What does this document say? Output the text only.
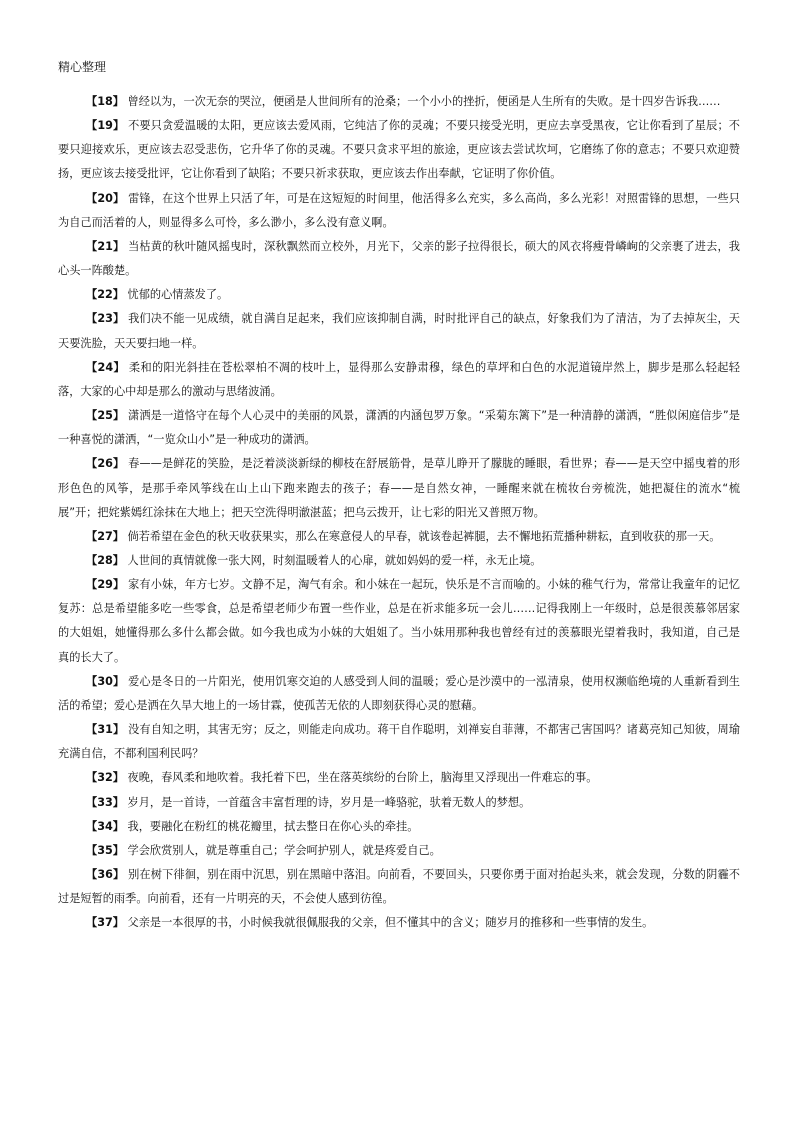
精心整理

【18】 曾经以为，一次无奈的哭泣，便函是人世间所有的沧桑；一个小小的挫折，便函是人生所有的失败。是十四岁告诉我……

【19】 不要只贪爱温暖的太阳，更应该去爱风雨，它纯洁了你的灵魂；不要只接受光明，更应去享受黑夜，它让你看到了星辰；不要只迎接欢乐，更应该去忍受悲伤，它升华了你的灵魂。不要只贪求平坦的旅途，更应该去尝试坎坷，它磨练了你的意志；不要只欢迎赞扬，更应该去接受批评，它让你看到了缺陷；不要只祈求获取，更应该去作出奉献，它证明了你价值。

【20】 雷锋，在这个世界上只活了年，可是在这短短的时间里，他活得多么充实，多么高尚，多么光彩！对照雷锋的思想，一些只为自己而活着的人，则显得多么可怜，多么渺小，多么没有意义啊。

【21】 当枯黄的秋叶随风摇曳时，深秋飘然而立校外，月光下，父亲的影子拉得很长，硕大的风衣将瘦骨嶙峋的父亲裹了进去，我心头一阵酸楚。

【22】 忧郁的心情蒸发了。

【23】 我们决不能一见成绩，就自满自足起来，我们应该抑制自满，时时批评自己的缺点，好象我们为了清洁，为了去掉灰尘，天天要洗脸，天天要扫地一样。

【24】 柔和的阳光斜挂在苍松翠柏不凋的枝叶上，显得那么安静肃穆，绿色的草坪和白色的水泥道镜岸然上，脚步是那么轻起轻落，大家的心中却是那么的激动与思绪波涌。

【25】 潇洒是一道恪守在每个人心灵中的美丽的风景，潇洒的内涵包罗万象。“采菊东篱下”是一种清静的潇洒，“胜似闲庭信步”是一种喜悦的潇洒，“一览众山小”是一种成功的潇洒。

【26】 春——是鲜花的笑脸，是泛着淡淡新绿的柳枝在舒展筋骨，是草儿睁开了朦胧的睡眼，看世界；春——是天空中摇曳着的形形色色的风筝，是那手牵风筝线在山上山下跑来跑去的孩子；春——是自然女神，一睡醒来就在梳妆台旁梳洗，她把凝住的流水“梳展”开；把姹紫嫣红涂抹在大地上；把天空洗得明澈湛蓝；把乌云拨开，让七彩的阳光又普照万物。

【27】 倘若希望在金色的秋天收获果实，那么在寒意侵人的早春，就该卷起裤腿，去不懈地拓荒播种耕耘，直到收获的那一天。

【28】 人世间的真情就像一张大网，时刻温暖着人的心扉，就如妈妈的爱一样，永无止境。

【29】 家有小妹，年方七岁。文静不足，淘气有余。和小妹在一起玩，快乐是不言而喻的。小妹的稚气行为，常常让我童年的记忆复苏：总是希望能多吃一些零食，总是希望老师少布置一些作业，总是在祈求能多玩一会儿……记得我刚上一年级时，总是很羡慕邻居家的大姐姐，她懂得那么多什么都会做。如今我也成为小妹的大姐姐了。当小妹用那种我也曾经有过的羡慕眼光望着我时，我知道，自己是真的长大了。

【30】 爱心是冬日的一片阳光，使用饥寒交迫的人感受到人间的温暖；爱心是沙漠中的一泓清泉，使用权濒临绝境的人重新看到生活的希望；爱心是洒在久旱大地上的一场甘霖，使孤苦无依的人即刻获得心灵的慰藉。

【31】 没有自知之明，其害无穷；反之，则能走向成功。蒋干自作聪明，刘禅妄自菲薄，不都害己害国吗？诸葛亮知己知彼，周瑜充满自信，不都利国利民吗？

【32】 夜晚，春风柔和地吹着。我托着下巴，坐在落英缤纷的台阶上，脑海里又浮现出一件难忘的事。

【33】 岁月，是一首诗，一首蕴含丰富哲理的诗，岁月是一峰骆驼，驮着无数人的梦想。

【34】 我，要融化在粉红的桃花瓣里，拭去整日在你心头的牵挂。

【35】 学会欣赏别人，就是尊重自己；学会呵护别人，就是疼爱自己。

【36】 别在树下徘徊，别在雨中沉思，别在黑暗中落泪。向前看，不要回头，只要你勇于面对抬起头来，就会发现，分数的阴霾不过是短暂的雨季。向前看，还有一片明亮的天，不会使人感到彷徨。

【37】 父亲是一本很厚的书，小时候我就很佩服我的父亲，但不懂其中的含义；随岁月的推移和一些事情的发生。
